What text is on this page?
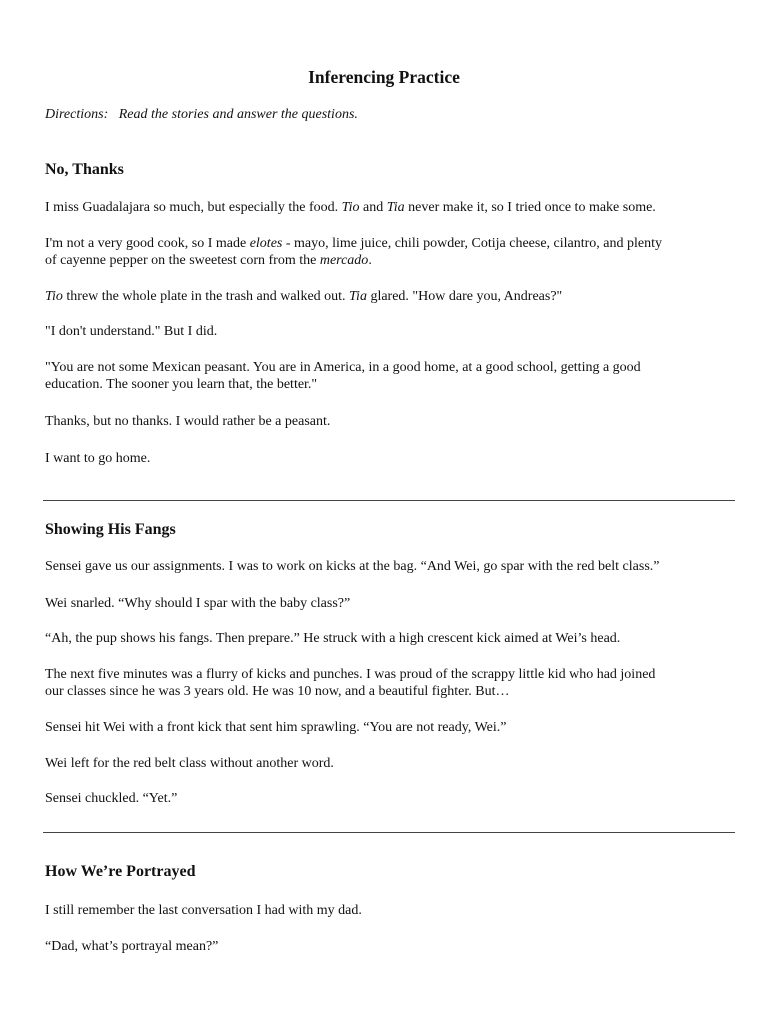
Inferencing Practice
Directions:   Read the stories and answer the questions.

No, Thanks

I miss Guadalajara so much, but especially the food. Tio and Tia never make it, so I tried once to make some.

I'm not a very good cook, so I made elotes - mayo, lime juice, chili powder, Cotija cheese, cilantro, and plenty
of cayenne pepper on the sweetest corn from the mercado.

Tio threw the whole plate in the trash and walked out. Tia glared. "How dare you, Andreas?"

"I don't understand." But I did.

"You are not some Mexican peasant. You are in America, in a good home, at a good school, getting a good
education. The sooner you learn that, the better."

Thanks, but no thanks. I would rather be a peasant.

I want to go home.

Showing His Fangs

Sensei gave us our assignments. I was to work on kicks at the bag. “And Wei, go spar with the red belt class.”

Wei snarled. “Why should I spar with the baby class?”

“Ah, the pup shows his fangs. Then prepare.” He struck with a high crescent kick aimed at Wei’s head.

The next five minutes was a flurry of kicks and punches. I was proud of the scrappy little kid who had joined
our classes since he was 3 years old. He was 10 now, and a beautiful fighter. But…

Sensei hit Wei with a front kick that sent him sprawling. “You are not ready, Wei.”

Wei left for the red belt class without another word.

Sensei chuckled. “Yet.”

How We’re Portrayed

I still remember the last conversation I had with my dad.

“Dad, what’s portrayal mean?”
